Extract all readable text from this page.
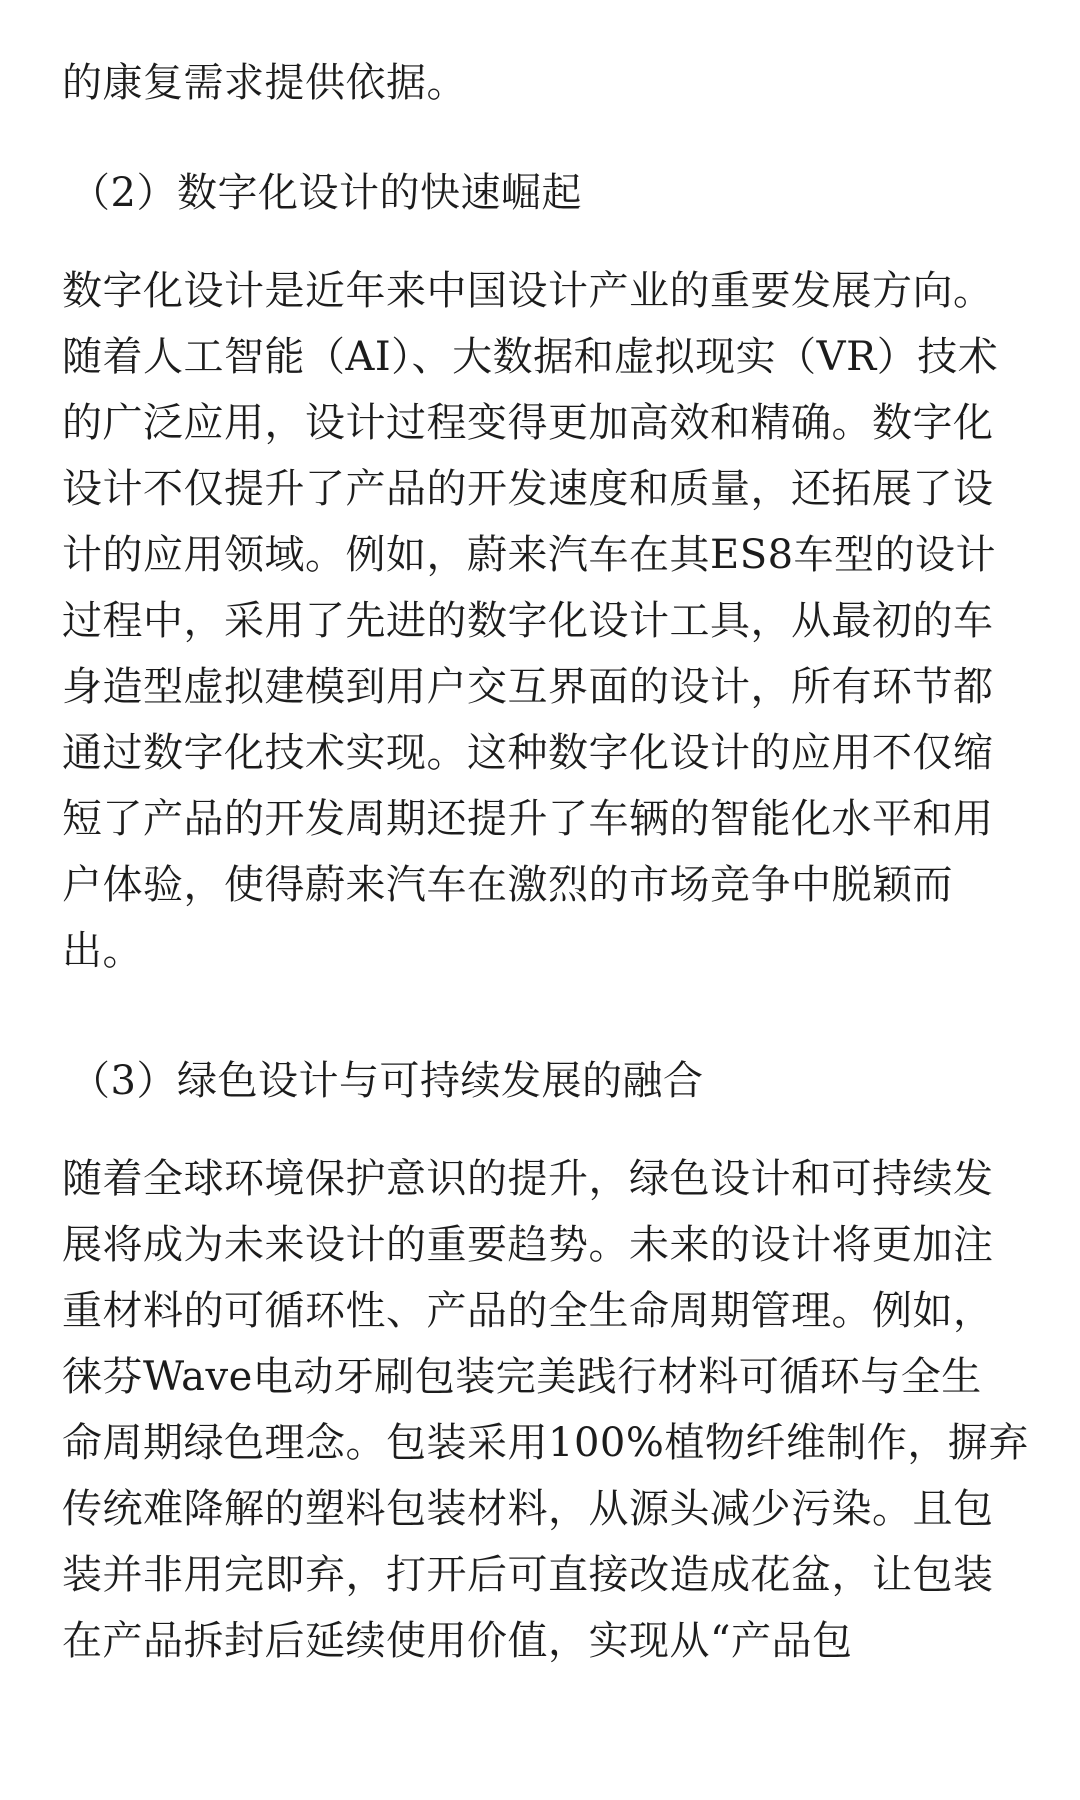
的康复需求提供依据。
（2）数字化设计的快速崛起
数字化设计是近年来中国设计产业的重要发展方向。
随着人工智能（AI）、大数据和虚拟现实（VR）技术
的广泛应用，设计过程变得更加高效和精确。数字化
设计不仅提升了产品的开发速度和质量，还拓展了设
计的应用领域。例如，蔚来汽车在其ES8车型的设计
过程中，采用了先进的数字化设计工具，从最初的车
身造型虚拟建模到用户交互界面的设计，所有环节都
通过数字化技术实现。这种数字化设计的应用不仅缩
短了产品的开发周期还提升了车辆的智能化水平和用
户体验，使得蔚来汽车在激烈的市场竞争中脱颖而
出。
（3）绿色设计与可持续发展的融合
随着全球环境保护意识的提升，绿色设计和可持续发
展将成为未来设计的重要趋势。未来的设计将更加注
重材料的可循环性、产品的全生命周期管理。例如，
徕芬Wave电动牙刷包装完美践行材料可循环与全生
命周期绿色理念。包装采用100%植物纤维制作，摒弃
传统难降解的塑料包装材料，从源头减少污染。且包
装并非用完即弃，打开后可直接改造成花盆，让包装
在产品拆封后延续使用价值，实现从“产品包
